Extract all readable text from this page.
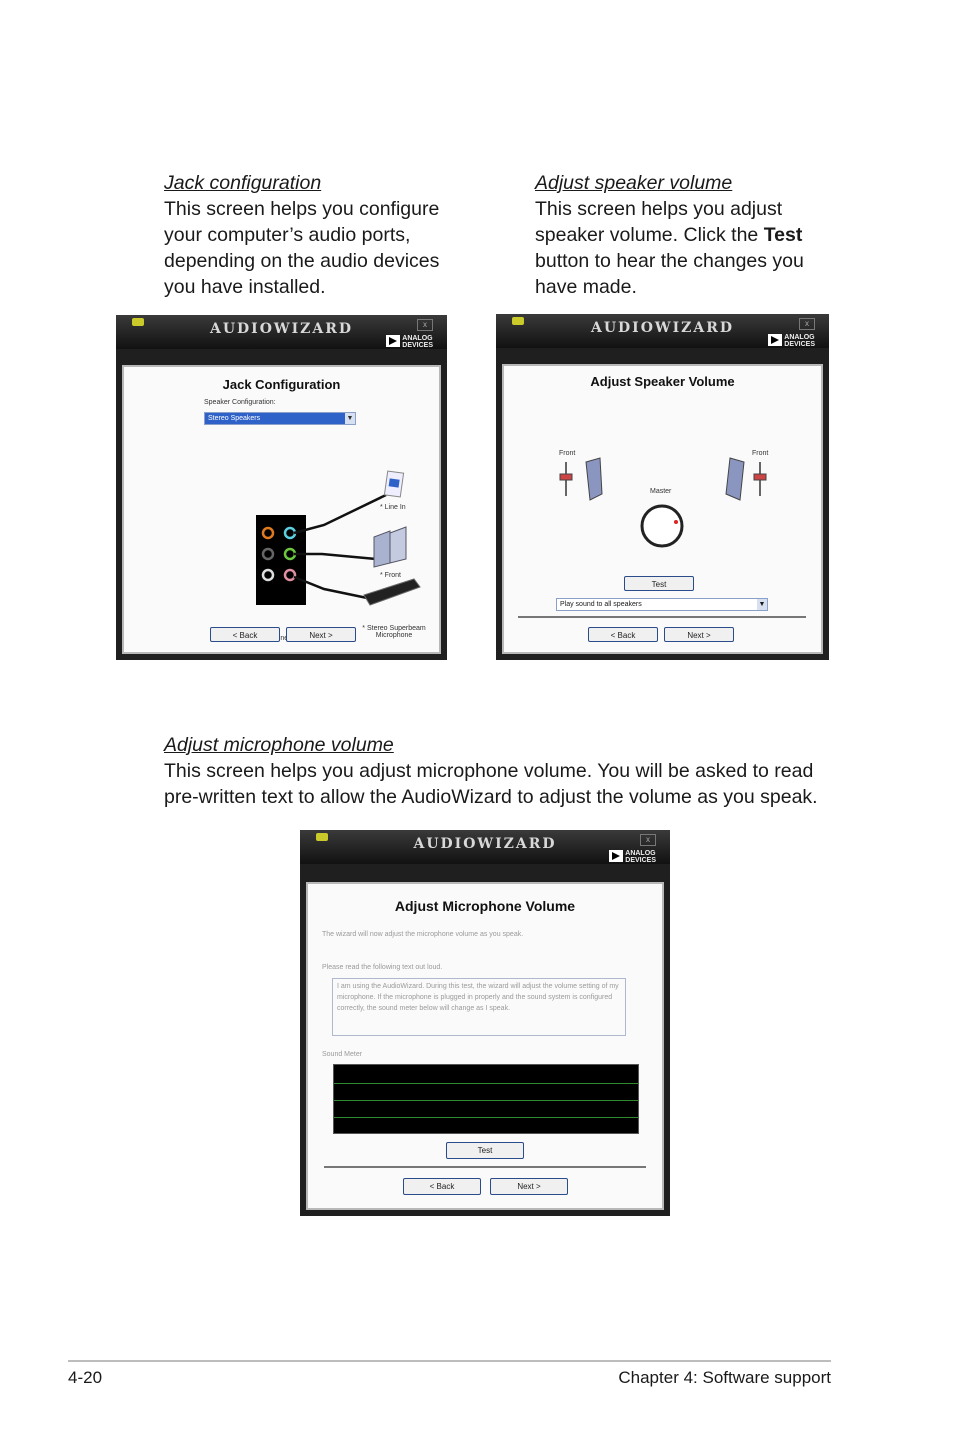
Jack configuration
This screen helps you configure
your computer’s audio ports,
depending on the audio devices
you have installed.
Adjust speaker volume
This screen helps you adjust
speaker volume. Click the Test
button to hear the changes you
have made.
AUDIOWIZARD	x
ANALOG
DEVICES
Jack Configuration
Speaker Configuration:
Stereo Speakers	▼
* Line In
* Front
Connected
* Stereo Superbeam
Microphone
< Back	Next >
AUDIOWIZARD	x
ANALOG
DEVICES
Adjust Speaker Volume
Front	Front
Master
Test
Play sound to all speakers	▼
< Back	Next >
Adjust microphone volume
This screen helps you adjust microphone volume. You will be asked to read
pre-written text to allow the AudioWizard to adjust the volume as you speak.
AUDIOWIZARD	x
ANALOG
DEVICES
Adjust Microphone Volume
The wizard will now adjust the microphone volume as you speak.
Please read the following text out loud.
I am using the AudioWizard. During this test, the wizard will adjust the volume setting of my microphone. If the microphone is plugged in properly and the sound system is configured correctly, the sound meter below will change as I speak.
Sound Meter
Test
< Back	Next >
4-20	Chapter 4: Software support
